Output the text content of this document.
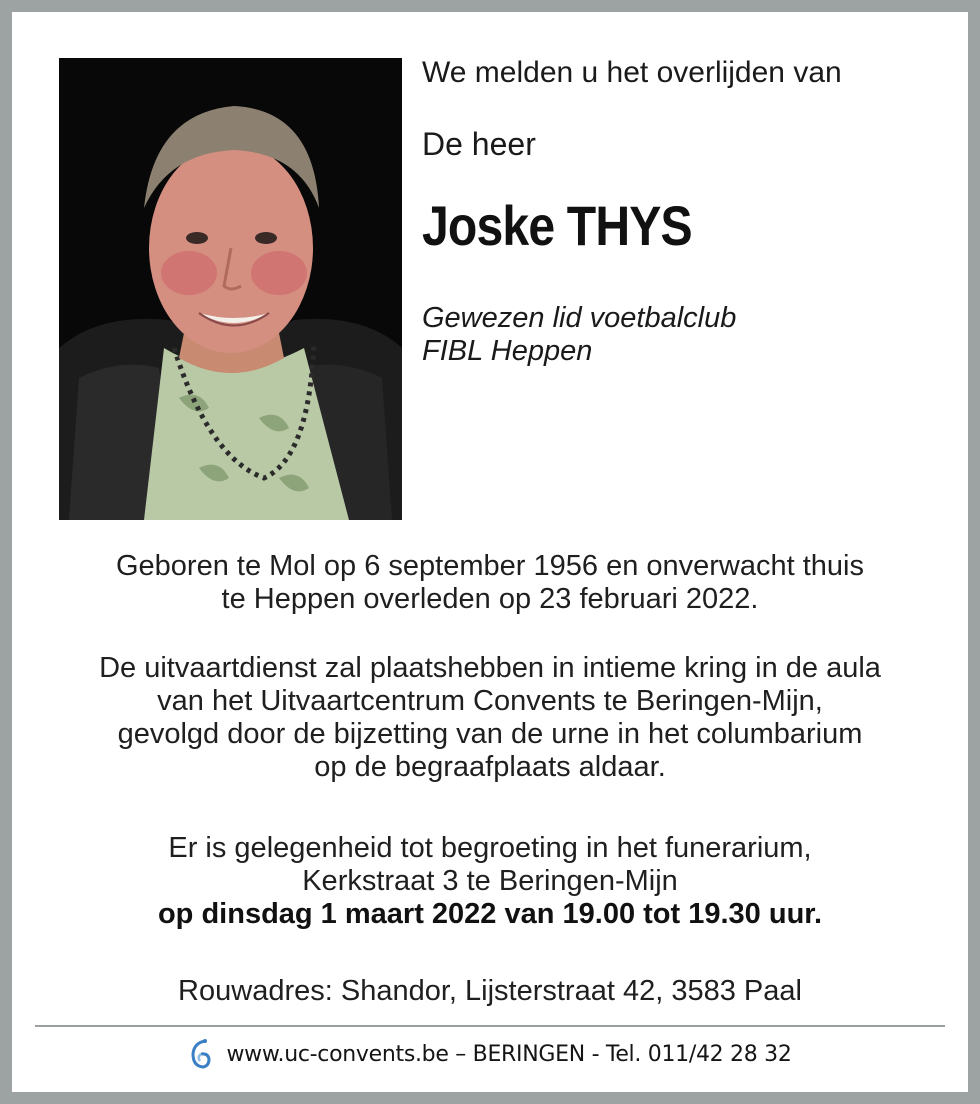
We melden u het overlijden van
De heer
Joske THYS
Gewezen lid voetbalclub
FIBL Heppen
Geboren te Mol op 6 september 1956 en onverwacht thuis
te Heppen overleden op 23 februari 2022.
De uitvaartdienst zal plaatshebben in intieme kring in de aula
van het Uitvaartcentrum Convents te Beringen-Mijn,
gevolgd door de bijzetting van de urne in het columbarium
op de begraafplaats aldaar.
Er is gelegenheid tot begroeting in het funerarium,
Kerkstraat 3 te Beringen-Mijn
op dinsdag 1 maart 2022 van 19.00 tot 19.30 uur.
Rouwadres: Shandor, Lijsterstraat 42, 3583 Paal
www.uc-convents.be – BERINGEN - Tel. 011/42 28 32
